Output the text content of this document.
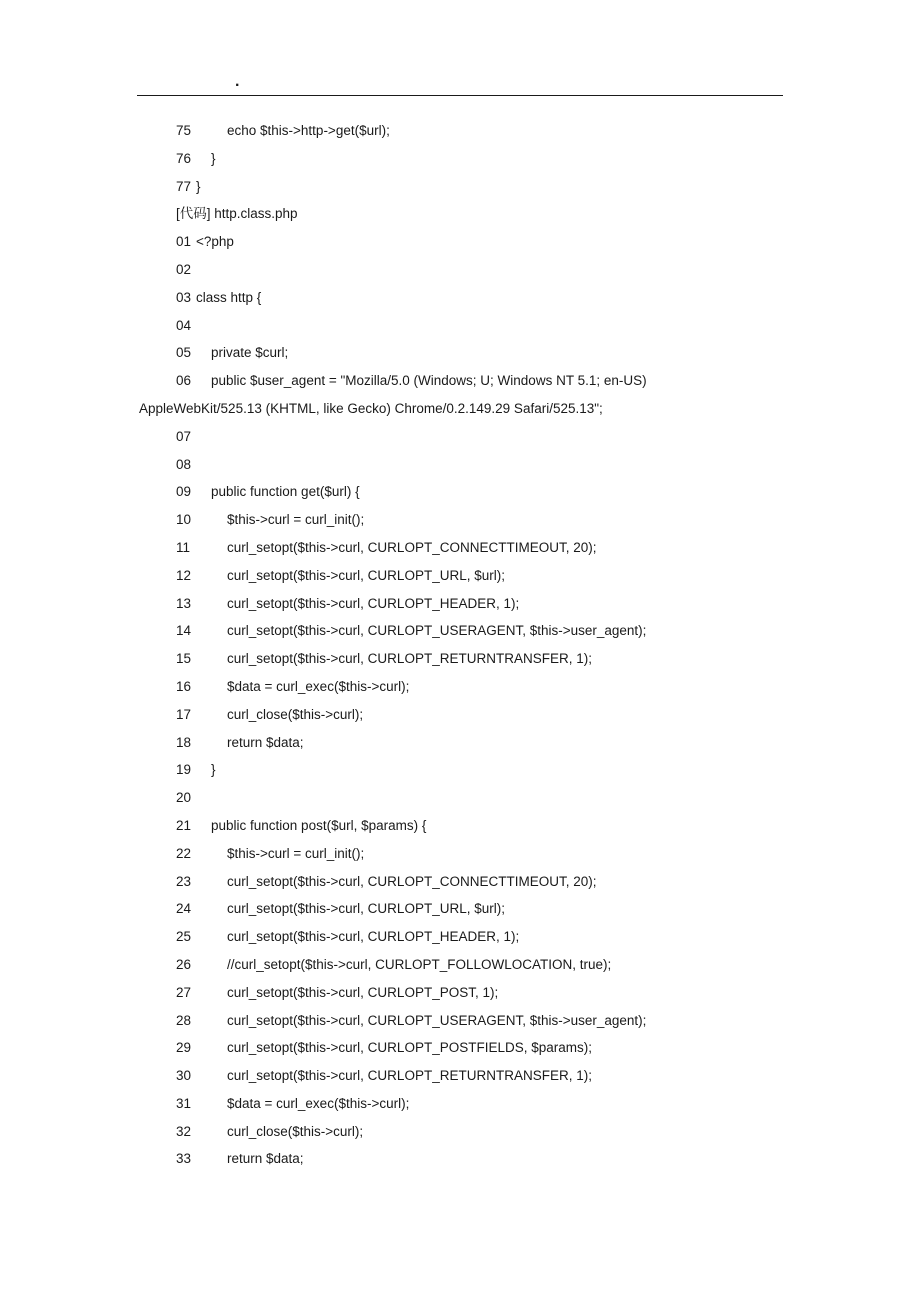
.
75	echo $this->http->get($url);
76 }
77 }
[代码] http.class.php
01 <?php
02
03 class http {
04
05 private $curl;
06 public $user_agent = "Mozilla/5.0 (Windows; U; Windows NT 5.1; en-US)
AppleWebKit/525.13 (KHTML, like Gecko) Chrome/0.2.149.29 Safari/525.13";
07
08
09 public function get($url) {
10	$this->curl = curl_init();
11	curl_setopt($this->curl, CURLOPT_CONNECTTIMEOUT, 20);
12	curl_setopt($this->curl, CURLOPT_URL, $url);
13	curl_setopt($this->curl, CURLOPT_HEADER, 1);
14	curl_setopt($this->curl, CURLOPT_USERAGENT, $this->user_agent);
15	curl_setopt($this->curl, CURLOPT_RETURNTRANSFER, 1);
16	$data = curl_exec($this->curl);
17	curl_close($this->curl);
18	return $data;
19 }
20
21 public function post($url, $params) {
22	$this->curl = curl_init();
23	curl_setopt($this->curl, CURLOPT_CONNECTTIMEOUT, 20);
24	curl_setopt($this->curl, CURLOPT_URL, $url);
25	curl_setopt($this->curl, CURLOPT_HEADER, 1);
26	//curl_setopt($this->curl, CURLOPT_FOLLOWLOCATION, true);
27	curl_setopt($this->curl, CURLOPT_POST, 1);
28	curl_setopt($this->curl, CURLOPT_USERAGENT, $this->user_agent);
29	curl_setopt($this->curl, CURLOPT_POSTFIELDS, $params);
30	curl_setopt($this->curl, CURLOPT_RETURNTRANSFER, 1);
31	$data = curl_exec($this->curl);
32	curl_close($this->curl);
33	return $data;
